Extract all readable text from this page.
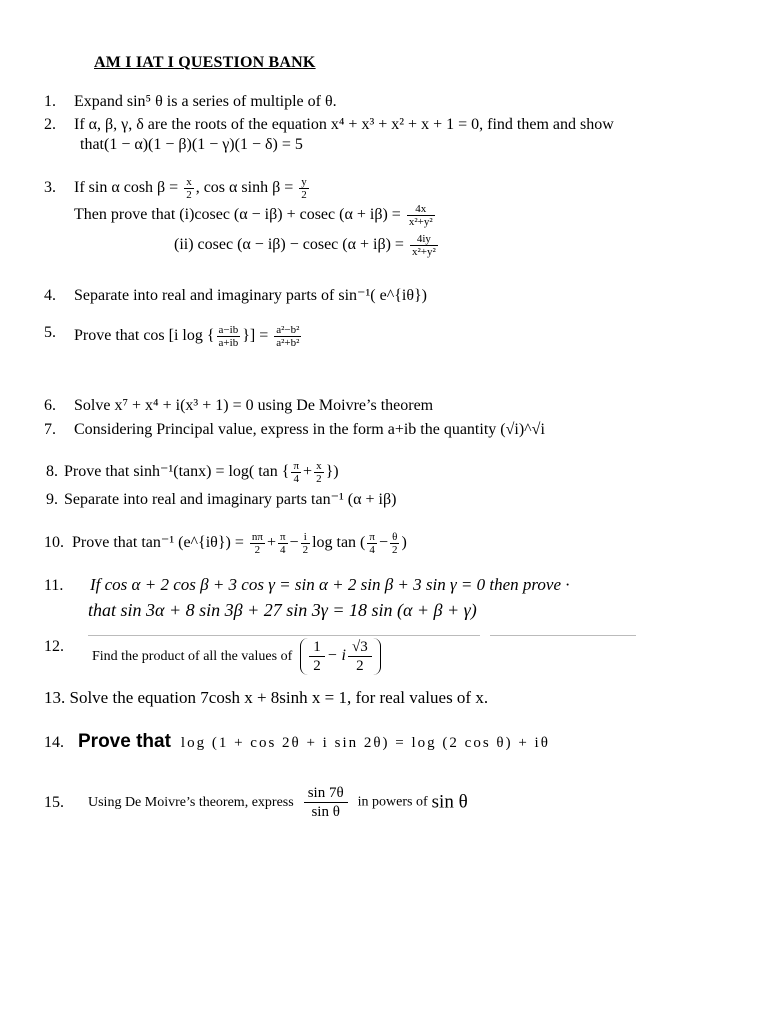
AM I IAT I QUESTION BANK
1. Expand sin⁵ θ is a series of multiple of θ.
2. If α, β, γ, δ are the roots of the equation x⁴ + x³ + x² + x + 1 = 0, find them and show
that(1 − α)(1 − β)(1 − γ)(1 − δ) = 5
3. If sin α $\cosh \beta = \frac{x}{2}$ , cos α $\sinh \beta = \frac{y}{2}$
Then prove that (i)cosec (α − iβ) + cosec $(\alpha + i\beta) = \frac{4x}{\text{x²+y²}}$
(ii) cosec (α − iβ) − cosec $(\alpha + i\beta) = \frac{4iy}{\text{x²+y²}}$
4. Separate into real and imaginary parts of sin⁻¹( e^{iθ})
5. Prove that cos [i log { $\frac{a-ib}{a+ib}$ }] = $\frac{\text{a²−b²}}{\text{a²+b²}}$
6. Solve x⁷ + x⁴ + i(x³ + 1) = 0 using De Moivre’s theorem
7. Considering Principal value, express in the form a+ib the quantity (√i)^√i
8. Prove that sinh⁻¹(tanx) = log( tan { $\frac{\pi}{4} + \frac{x}{2}$ })
9. Separate into real and imaginary parts tan⁻¹ (α + iβ)
10. Prove that tan⁻¹ (e^{iθ}) = $\frac{n\pi}{2} + \frac{\pi}{4} - \frac{i}{2}$ log tan ( $\frac{\pi}{4} - \frac{\theta}{2}$ )
11. If cos α + 2 cos β + 3 cos γ = sin α + 2 sin β + 3 sin γ = 0 then prove ·
that sin 3α + 8 sin 3β + 27 sin 3γ = 18 sin (α + β + γ)
12. Find the product of all the values of $\frac{1}{2} - i \frac{√3}{2}$
13. Solve the equation 7cosh x + 8sinh x = 1, for real values of x.
14. Prove that log (1 + cos 2θ + i sin 2θ) = log (2 cos θ) + iθ
15. Using De Moivre’s theorem, express $\frac{\sin 7\theta}{\text{sin θ}}$ in powers of sin θ
